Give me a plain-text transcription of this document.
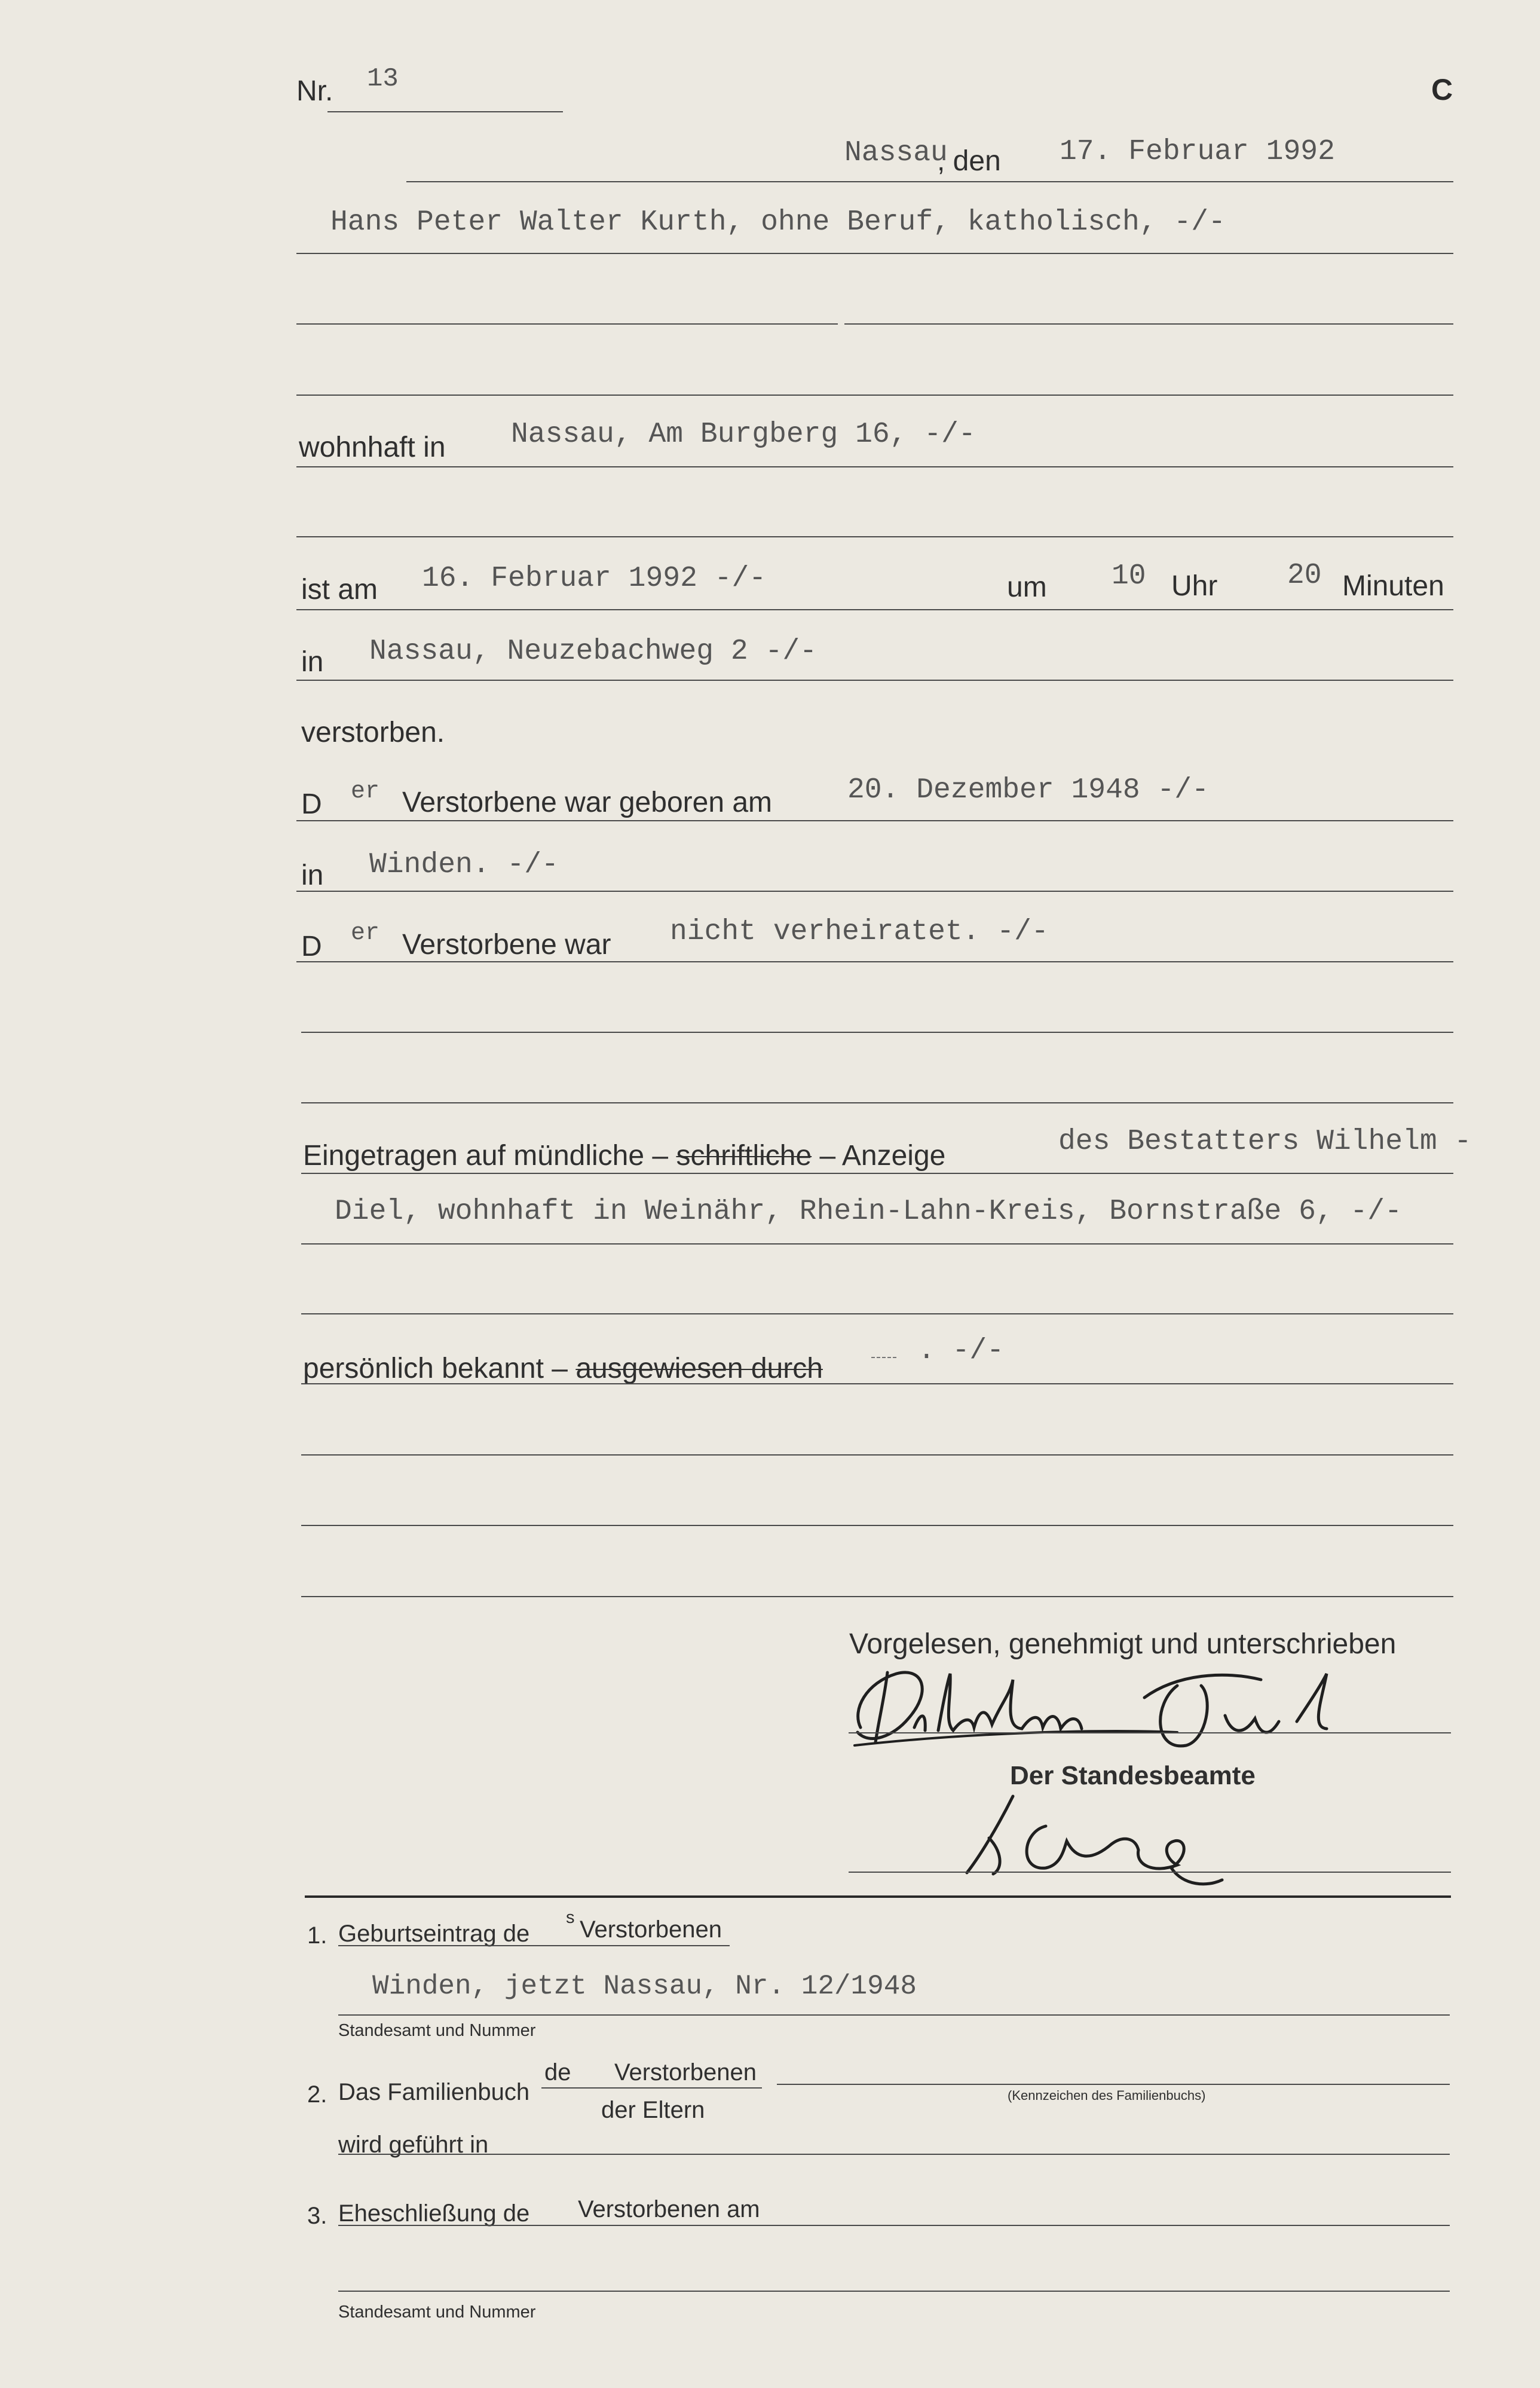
Nr. 13	C
Nassau
, den 17. Februar 1992
Hans Peter Walter Kurth, ohne Beruf, katholisch, -/-
wohnhaft in Nassau, Am Burgberg 16, -/-
ist am 16. Februar 1992 -/-	um 10 Uhr 20 Minuten
in Nassau, Neuzebachweg 2 -/-
verstorben.
D er Verstorbene war geboren am	20. Dezember 1948 -/-
in Winden. -/-
D er Verstorbene war nicht verheiratet. -/-
Eingetragen auf mündliche – schriftliche – Anzeige	des Bestatters Wilhelm -
Diel, wohnhaft in Weinähr, Rhein-Lahn-Kreis, Bornstraße 6, -/-
persönlich bekannt – ausgewiesen durch
. -/-
Vorgelesen, genehmigt und unterschrieben
Der Standesbeamte
1. Geburtseintrag de
s Verstorbenen
Winden, jetzt Nassau, Nr. 12/1948
Standesamt und Nummer
2. Das Familienbuch
de Verstorbenen
der Eltern
(Kennzeichen des Familienbuchs)
wird geführt in
3. Eheschließung de Verstorbenen am
Standesamt und Nummer
